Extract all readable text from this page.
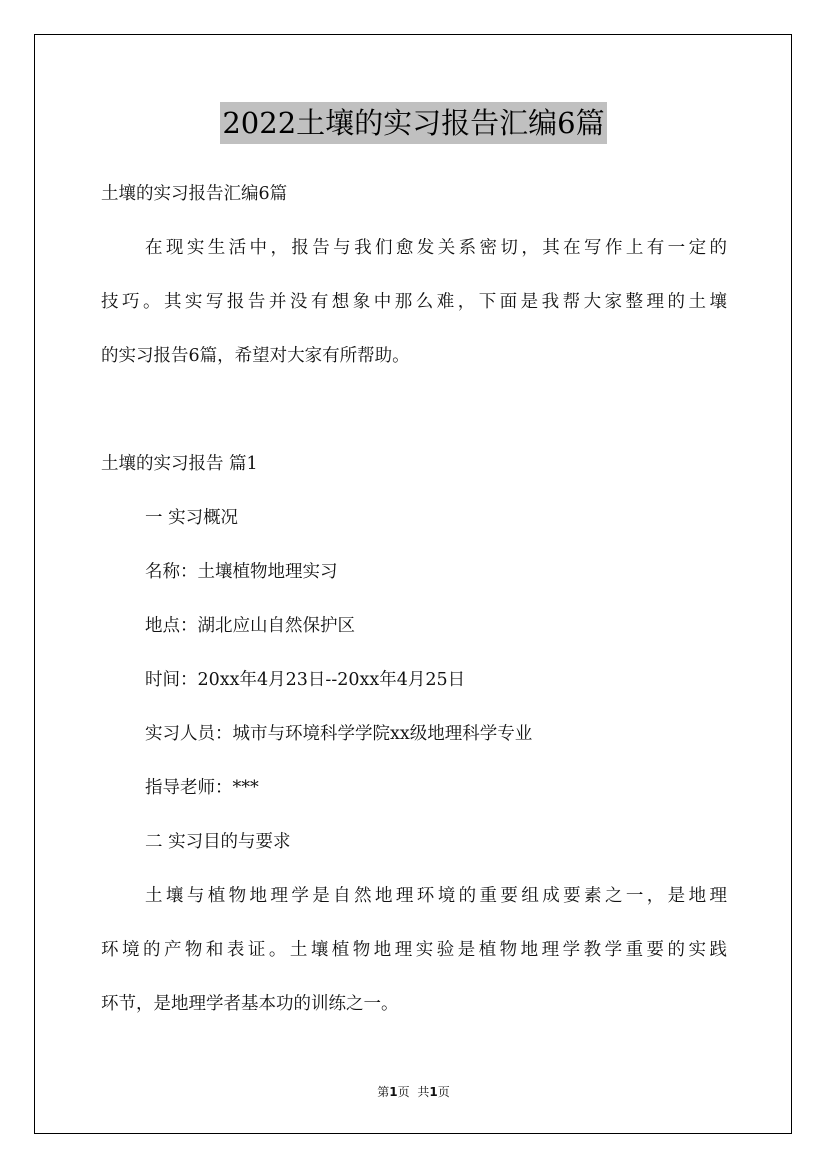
2022土壤的实习报告汇编6篇

土壤的实习报告汇编6篇

在现实生活中，报告与我们愈发关系密切，其在写作上有一定的

技巧。其实写报告并没有想象中那么难，下面是我帮大家整理的土壤

的实习报告6篇，希望对大家有所帮助。

土壤的实习报告 篇1

一 实习概况

名称：土壤植物地理实习

地点：湖北应山自然保护区

时间：20xx年4月23日--20xx年4月25日

实习人员：城市与环境科学学院xx级地理科学专业

指导老师：***

二 实习目的与要求

土壤与植物地理学是自然地理环境的重要组成要素之一，是地理

环境的产物和表证。土壤植物地理实验是植物地理学教学重要的实践

环节，是地理学者基本功的训练之一。

第1页 共1页
